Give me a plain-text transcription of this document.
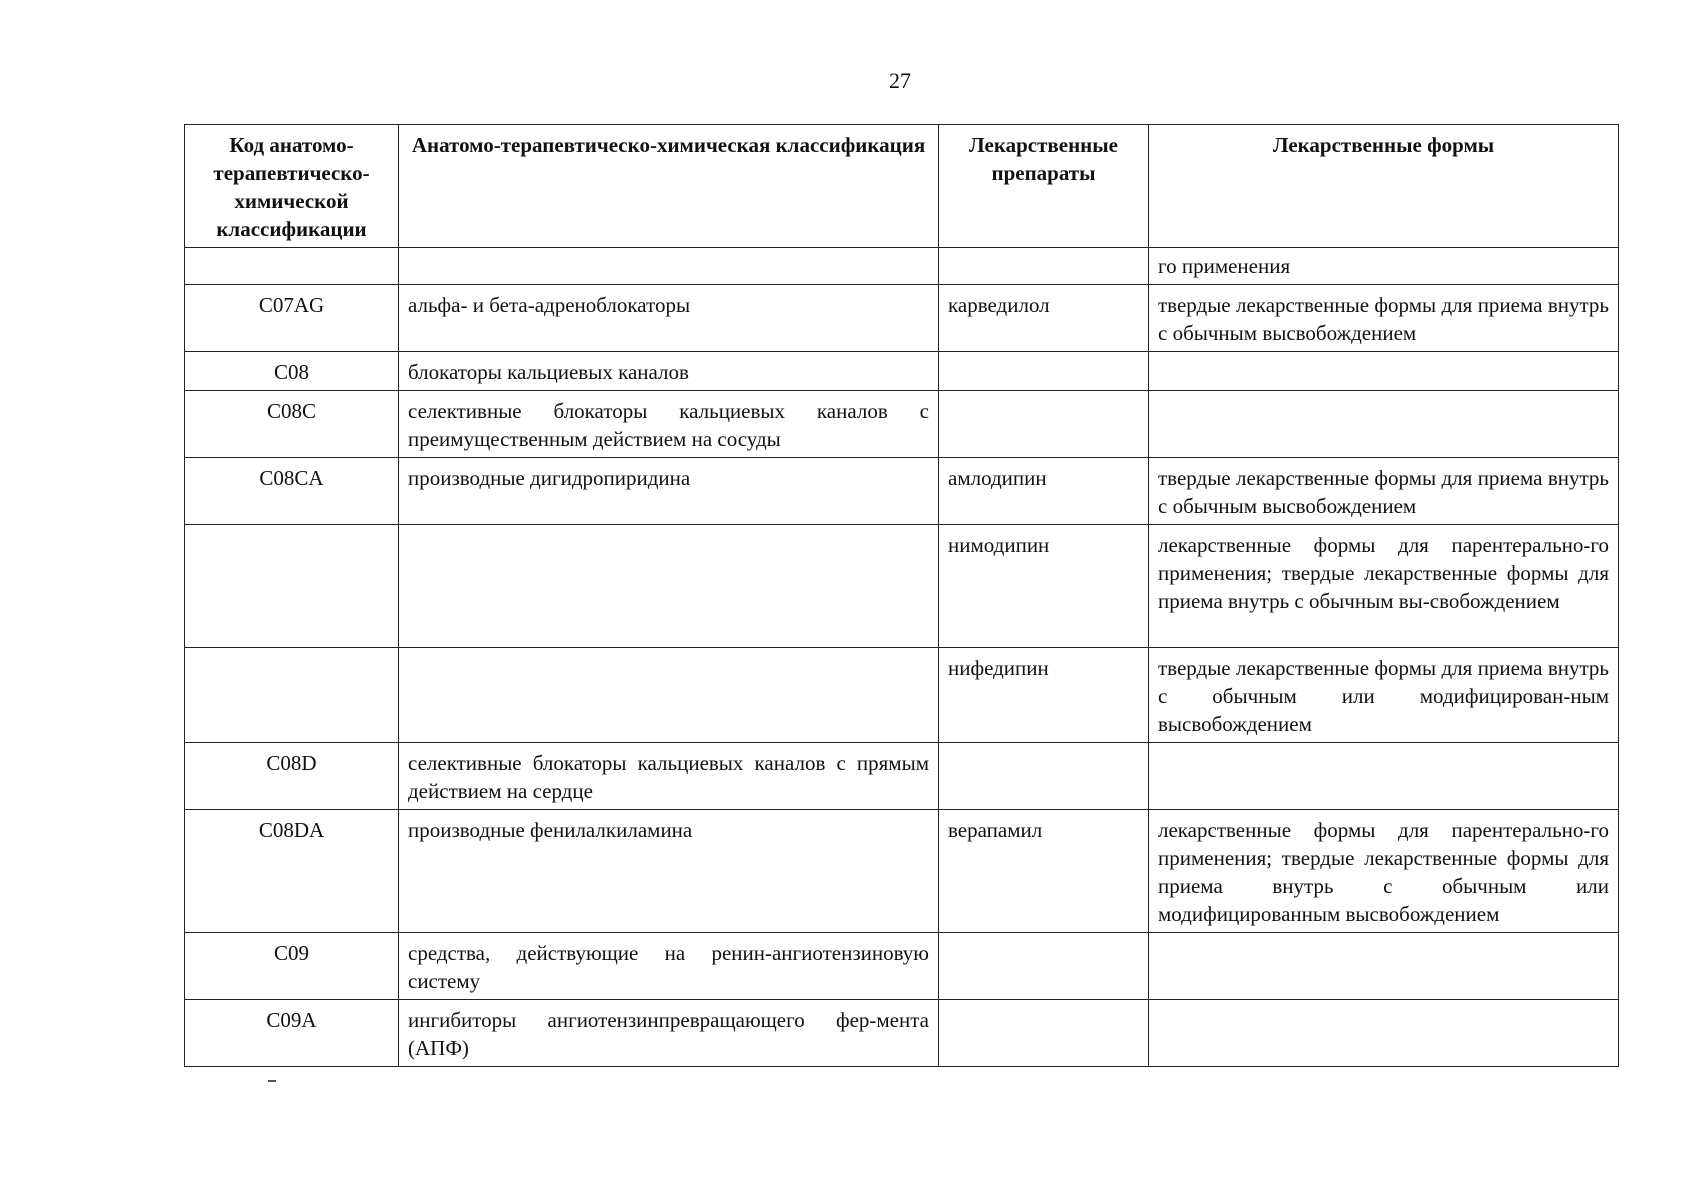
27
Код анатомо-терапевтическо-химической классификации	Анатомо-терапевтическо-химическая классификация	Лекарственные препараты	Лекарственные формы
			го применения
C07AG	альфа- и бета-адреноблокаторы	карведилол	твердые лекарственные формы для приема внутрь с обычным высвобождением
C08	блокаторы кальциевых каналов		
C08C	селективные блокаторы кальциевых каналов с преимущественным действием на сосуды		
C08CA	производные дигидропиридина	амлодипин	твердые лекарственные формы для приема внутрь с обычным высвобождением
		нимодипин	лекарственные формы для парентерально-го применения; твердые лекарственные формы для приема внутрь с обычным вы-свобождением
		нифедипин	твердые лекарственные формы для приема внутрь с обычным или модифицирован-ным высвобождением
C08D	селективные блокаторы кальциевых каналов с прямым действием на сердце		
C08DA	производные фенилалкиламина	верапамил	лекарственные формы для парентерально-го применения; твердые лекарственные формы для приема внутрь с обычным или модифицированным высвобождением
C09	средства, действующие на ренин-ангиотензиновую систему		
C09A	ингибиторы ангиотензинпревращающего фер-мента (АПФ)		
